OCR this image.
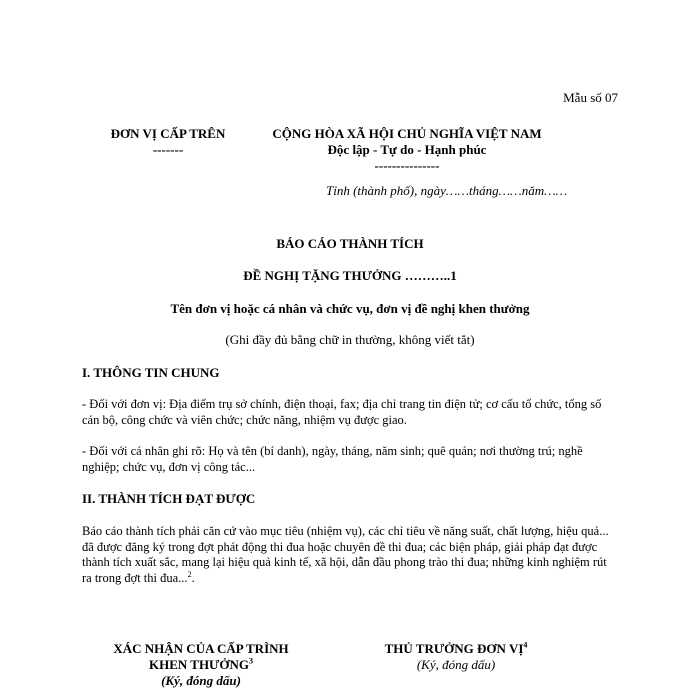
Mẫu số 07
ĐƠN VỊ CẤP TRÊN
-------
CỘNG HÒA XÃ HỘI CHỦ NGHĨA VIỆT NAM
Độc lập - Tự do - Hạnh phúc
---------------
Tỉnh (thành phố), ngày……tháng……năm……
BÁO CÁO THÀNH TÍCH
ĐỀ NGHỊ TẶNG THƯỞNG ………..1
Tên đơn vị hoặc cá nhân và chức vụ, đơn vị đề nghị khen thưởng
(Ghi đầy đủ bằng chữ in thường, không viết tắt)
I. THÔNG TIN CHUNG
- Đối với đơn vị: Địa điểm trụ sở chính, điện thoại, fax; địa chỉ trang tin điện tử; cơ cấu tổ chức, tổng số cán bộ, công chức và viên chức; chức năng, nhiệm vụ được giao.
- Đối với cá nhân ghi rõ: Họ và tên (bí danh), ngày, tháng, năm sinh; quê quán; nơi thường trú; nghề nghiệp; chức vụ, đơn vị công tác...
II. THÀNH TÍCH ĐẠT ĐƯỢC
Báo cáo thành tích phải căn cứ vào mục tiêu (nhiệm vụ), các chỉ tiêu về năng suất, chất lượng, hiệu quả... đã được đăng ký trong đợt phát động thi đua hoặc chuyên đề thi đua; các biện pháp, giải pháp đạt được thành tích xuất sắc, mang lại hiệu quả kinh tế, xã hội, dẫn đầu phong trào thi đua; những kinh nghiệm rút ra trong đợt thi đua...$^2$.
XÁC NHẬN CỦA CẤP TRÌNH
KHEN THƯỞNG$^3$
(Ký, đóng dấu)
THỦ TRƯỞNG ĐƠN VỊ$^4$
(Ký, đóng dấu)
